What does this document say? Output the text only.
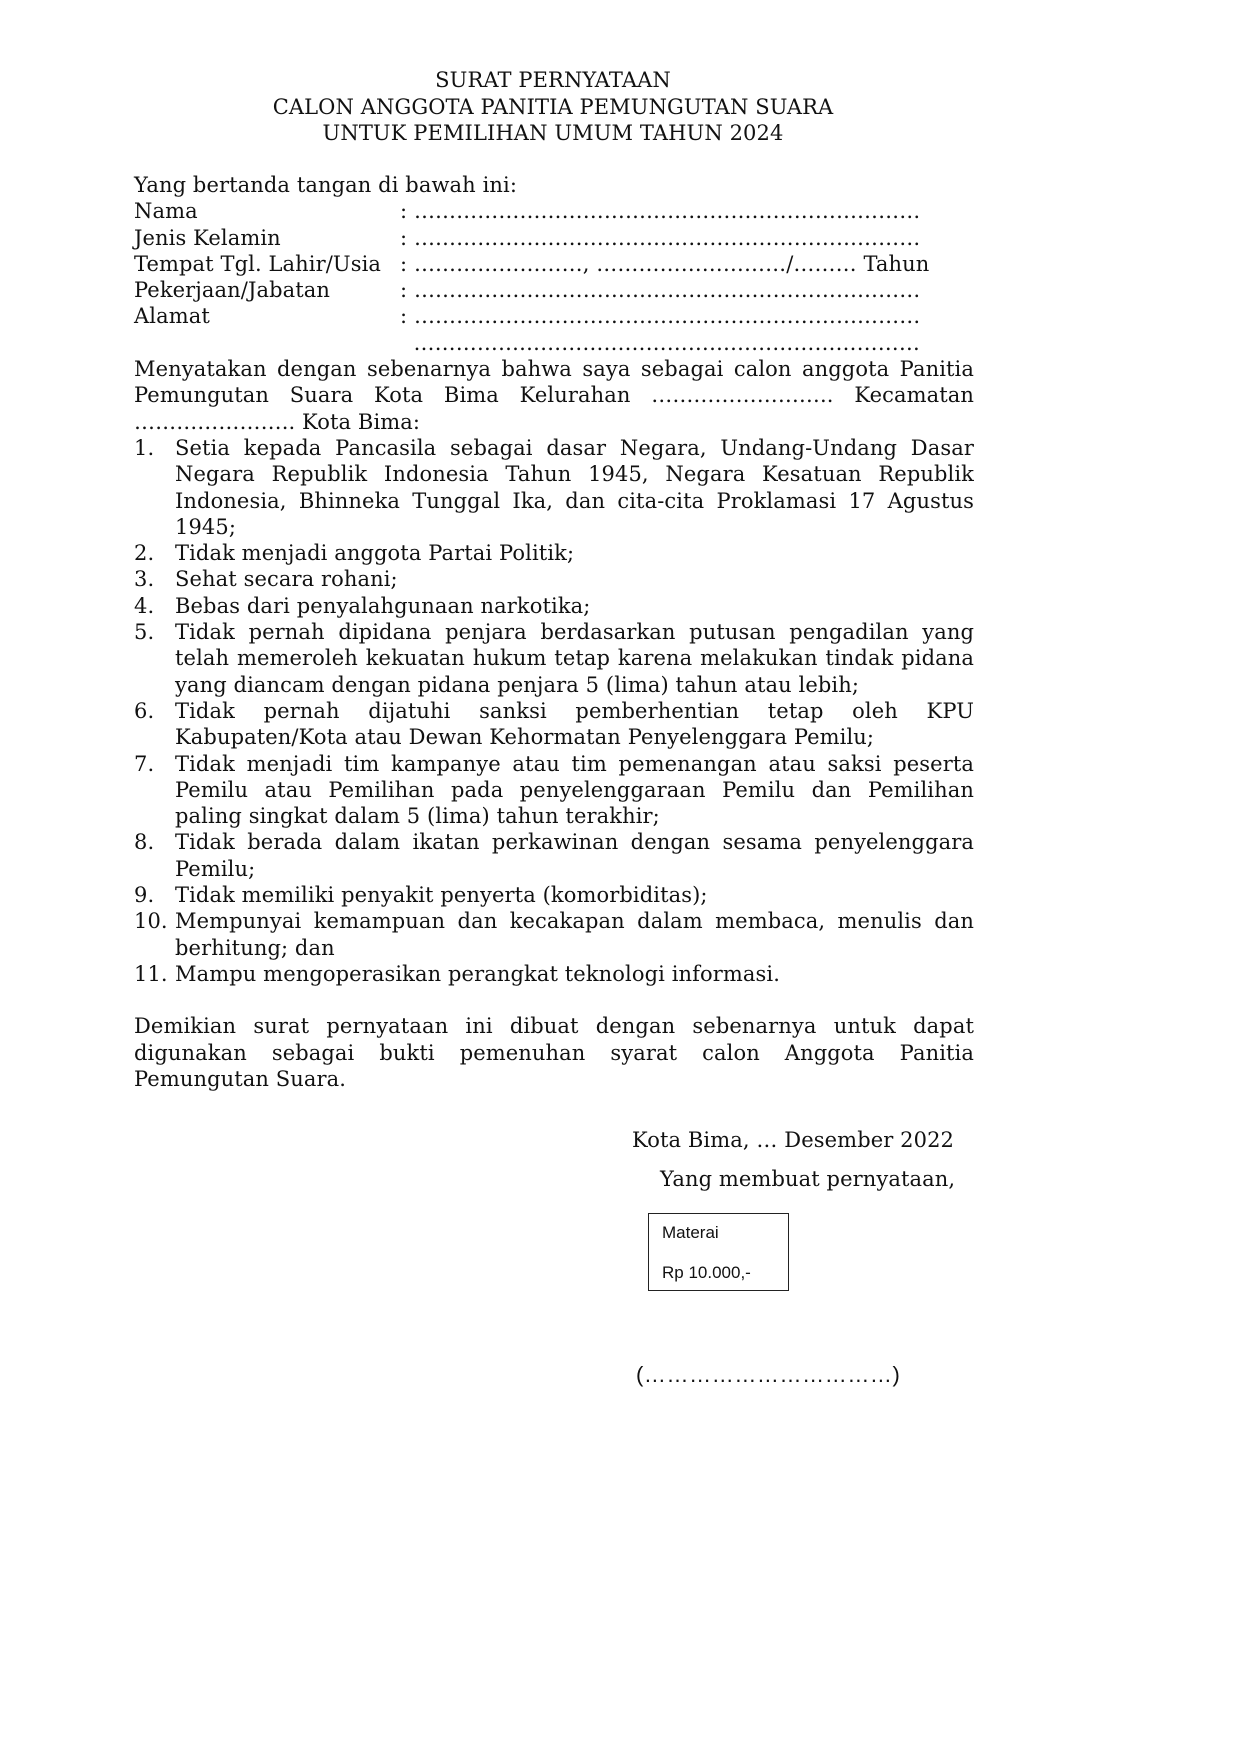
SURAT PERNYATAAN
CALON ANGGOTA PANITIA PEMUNGUTAN SUARA
UNTUK PEMILIHAN UMUM TAHUN 2024

Yang bertanda tangan di bawah ini:

Nama	: ………………………………………………………………
Jenis Kelamin	: ………………………………………………………………
Tempat Tgl. Lahir/Usia : ……………………, ………………………/……… Tahun
Pekerjaan/Jabatan	: ………………………………………………………………
Alamat	: ………………………………………………………………
………………………………………………………………

Menyatakan dengan sebenarnya bahwa saya sebagai calon anggota Panitia Pemungutan Suara Kota Bima Kelurahan …………………….. Kecamatan ………………….. Kota Bima:

1. Setia kepada Pancasila sebagai dasar Negara, Undang-Undang Dasar Negara Republik Indonesia Tahun 1945, Negara Kesatuan Republik Indonesia, Bhinneka Tunggal Ika, dan cita-cita Proklamasi 17 Agustus 1945;
2. Tidak menjadi anggota Partai Politik;
3. Sehat secara rohani;
4. Bebas dari penyalahgunaan narkotika;
5. Tidak pernah dipidana penjara berdasarkan putusan pengadilan yang telah memeroleh kekuatan hukum tetap karena melakukan tindak pidana yang diancam dengan pidana penjara 5 (lima) tahun atau lebih;
6. Tidak pernah dijatuhi sanksi pemberhentian tetap oleh KPU Kabupaten/Kota atau Dewan Kehormatan Penyelenggara Pemilu;
7. Tidak menjadi tim kampanye atau tim pemenangan atau saksi peserta Pemilu atau Pemilihan pada penyelenggaraan Pemilu dan Pemilihan paling singkat dalam 5 (lima) tahun terakhir;
8. Tidak berada dalam ikatan perkawinan dengan sesama penyelenggara Pemilu;
9. Tidak memiliki penyakit penyerta (komorbiditas);
10. Mempunyai kemampuan dan kecakapan dalam membaca, menulis dan berhitung; dan
11. Mampu mengoperasikan perangkat teknologi informasi.

Demikian surat pernyataan ini dibuat dengan sebenarnya untuk dapat digunakan sebagai bukti pemenuhan syarat calon Anggota Panitia Pemungutan Suara.

Kota Bima, … Desember 2022
Yang membuat pernyataan,
Materai
Rp 10.000,-
(……………………………)
